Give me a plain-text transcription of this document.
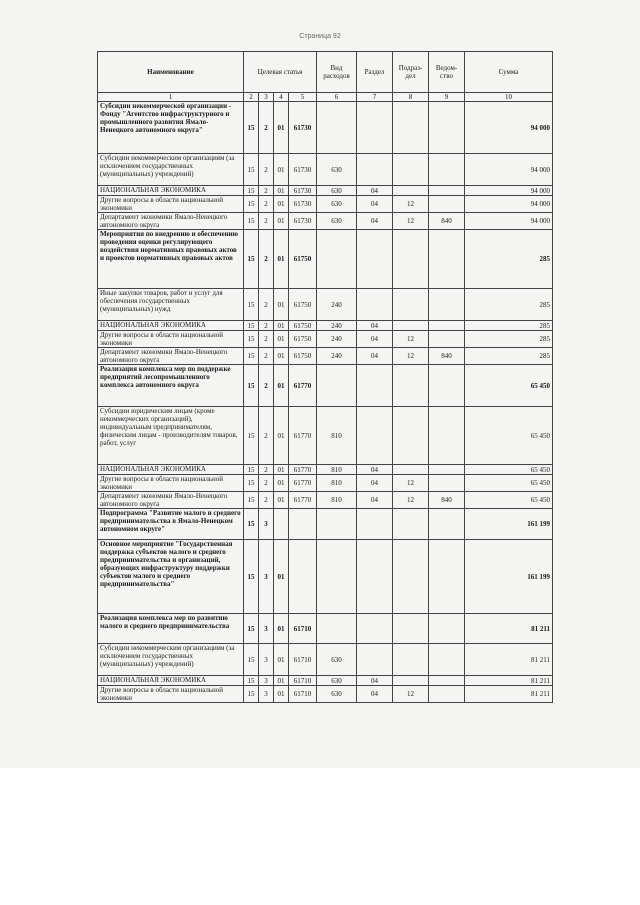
Страница 92
Наименование	Целевая статья				Вид расходов	Раздел	Подраз-дел	Ведом-ство	Сумма
1	2	3	4	5	6	7	8	9	10
Субсидии некоммерческой организации - Фонду "Агентство инфраструктурного и промышленного развития Ямало-Ненецкого автономного округа"	15	2	01	61730					94 000
Субсидии некоммерческим организациям (за исключением государственных (муниципальных) учреждений)	15	2	01	61730	630				94 000
НАЦИОНАЛЬНАЯ ЭКОНОМИКА	15	2	01	61730	630	04			94 000
Другие вопросы в области национальной экономики	15	2	01	61730	630	04	12		94 000
Департамент экономики Ямало-Ненецкого автономного округа	15	2	01	61730	630	04	12	840	94 000
Мероприятия по внедрению и обеспечению проведения оценки регулирующего воздействия нормативных правовых актов и проектов нормативных правовых актов	15	2	01	61750					285
Иные закупки товаров, работ и услуг для обеспечения государственных (муниципальных) нужд	15	2	01	61750	240				285
НАЦИОНАЛЬНАЯ ЭКОНОМИКА	15	2	01	61750	240	04			285
Другие вопросы в области национальной экономики	15	2	01	61750	240	04	12		285
Департамент экономики Ямало-Ненецкого автономного округа	15	2	01	61750	240	04	12	840	285
Реализация комплекса мер по поддержке предприятий лесопромышленного комплекса автономного округа	15	2	01	61770					65 450
Субсидии юридическим лицам (кроме некоммерческих организаций), индивидуальным предпринимателям, физическим лицам - производителям товаров, работ, услуг	15	2	01	61770	810				65 450
НАЦИОНАЛЬНАЯ ЭКОНОМИКА	15	2	01	61770	810	04			65 450
Другие вопросы в области национальной экономики	15	2	01	61770	810	04	12		65 450
Департамент экономики Ямало-Ненецкого автономного округа	15	2	01	61770	810	04	12	840	65 450
Подпрограмма "Развитие малого и среднего предпринимательства в Ямало-Ненецком автономном округе"	15	3							161 199
Основное мероприятие "Государственная поддержка субъектов малого и среднего предпринимательства и организаций, образующих инфраструктуру поддержки субъектов малого и среднего предпринимательства"	15	3	01						161 199
Реализация комплекса мер по развитию малого и среднего предпринимательства	15	3	01	61710					81 211
Субсидии некоммерческим организациям (за исключением государственных (муниципальных) учреждений)	15	3	01	61710	630				81 211
НАЦИОНАЛЬНАЯ ЭКОНОМИКА	15	3	01	61710	630	04			81 211
Другие вопросы в области национальной экономики	15	3	01	61710	630	04	12		81 211
